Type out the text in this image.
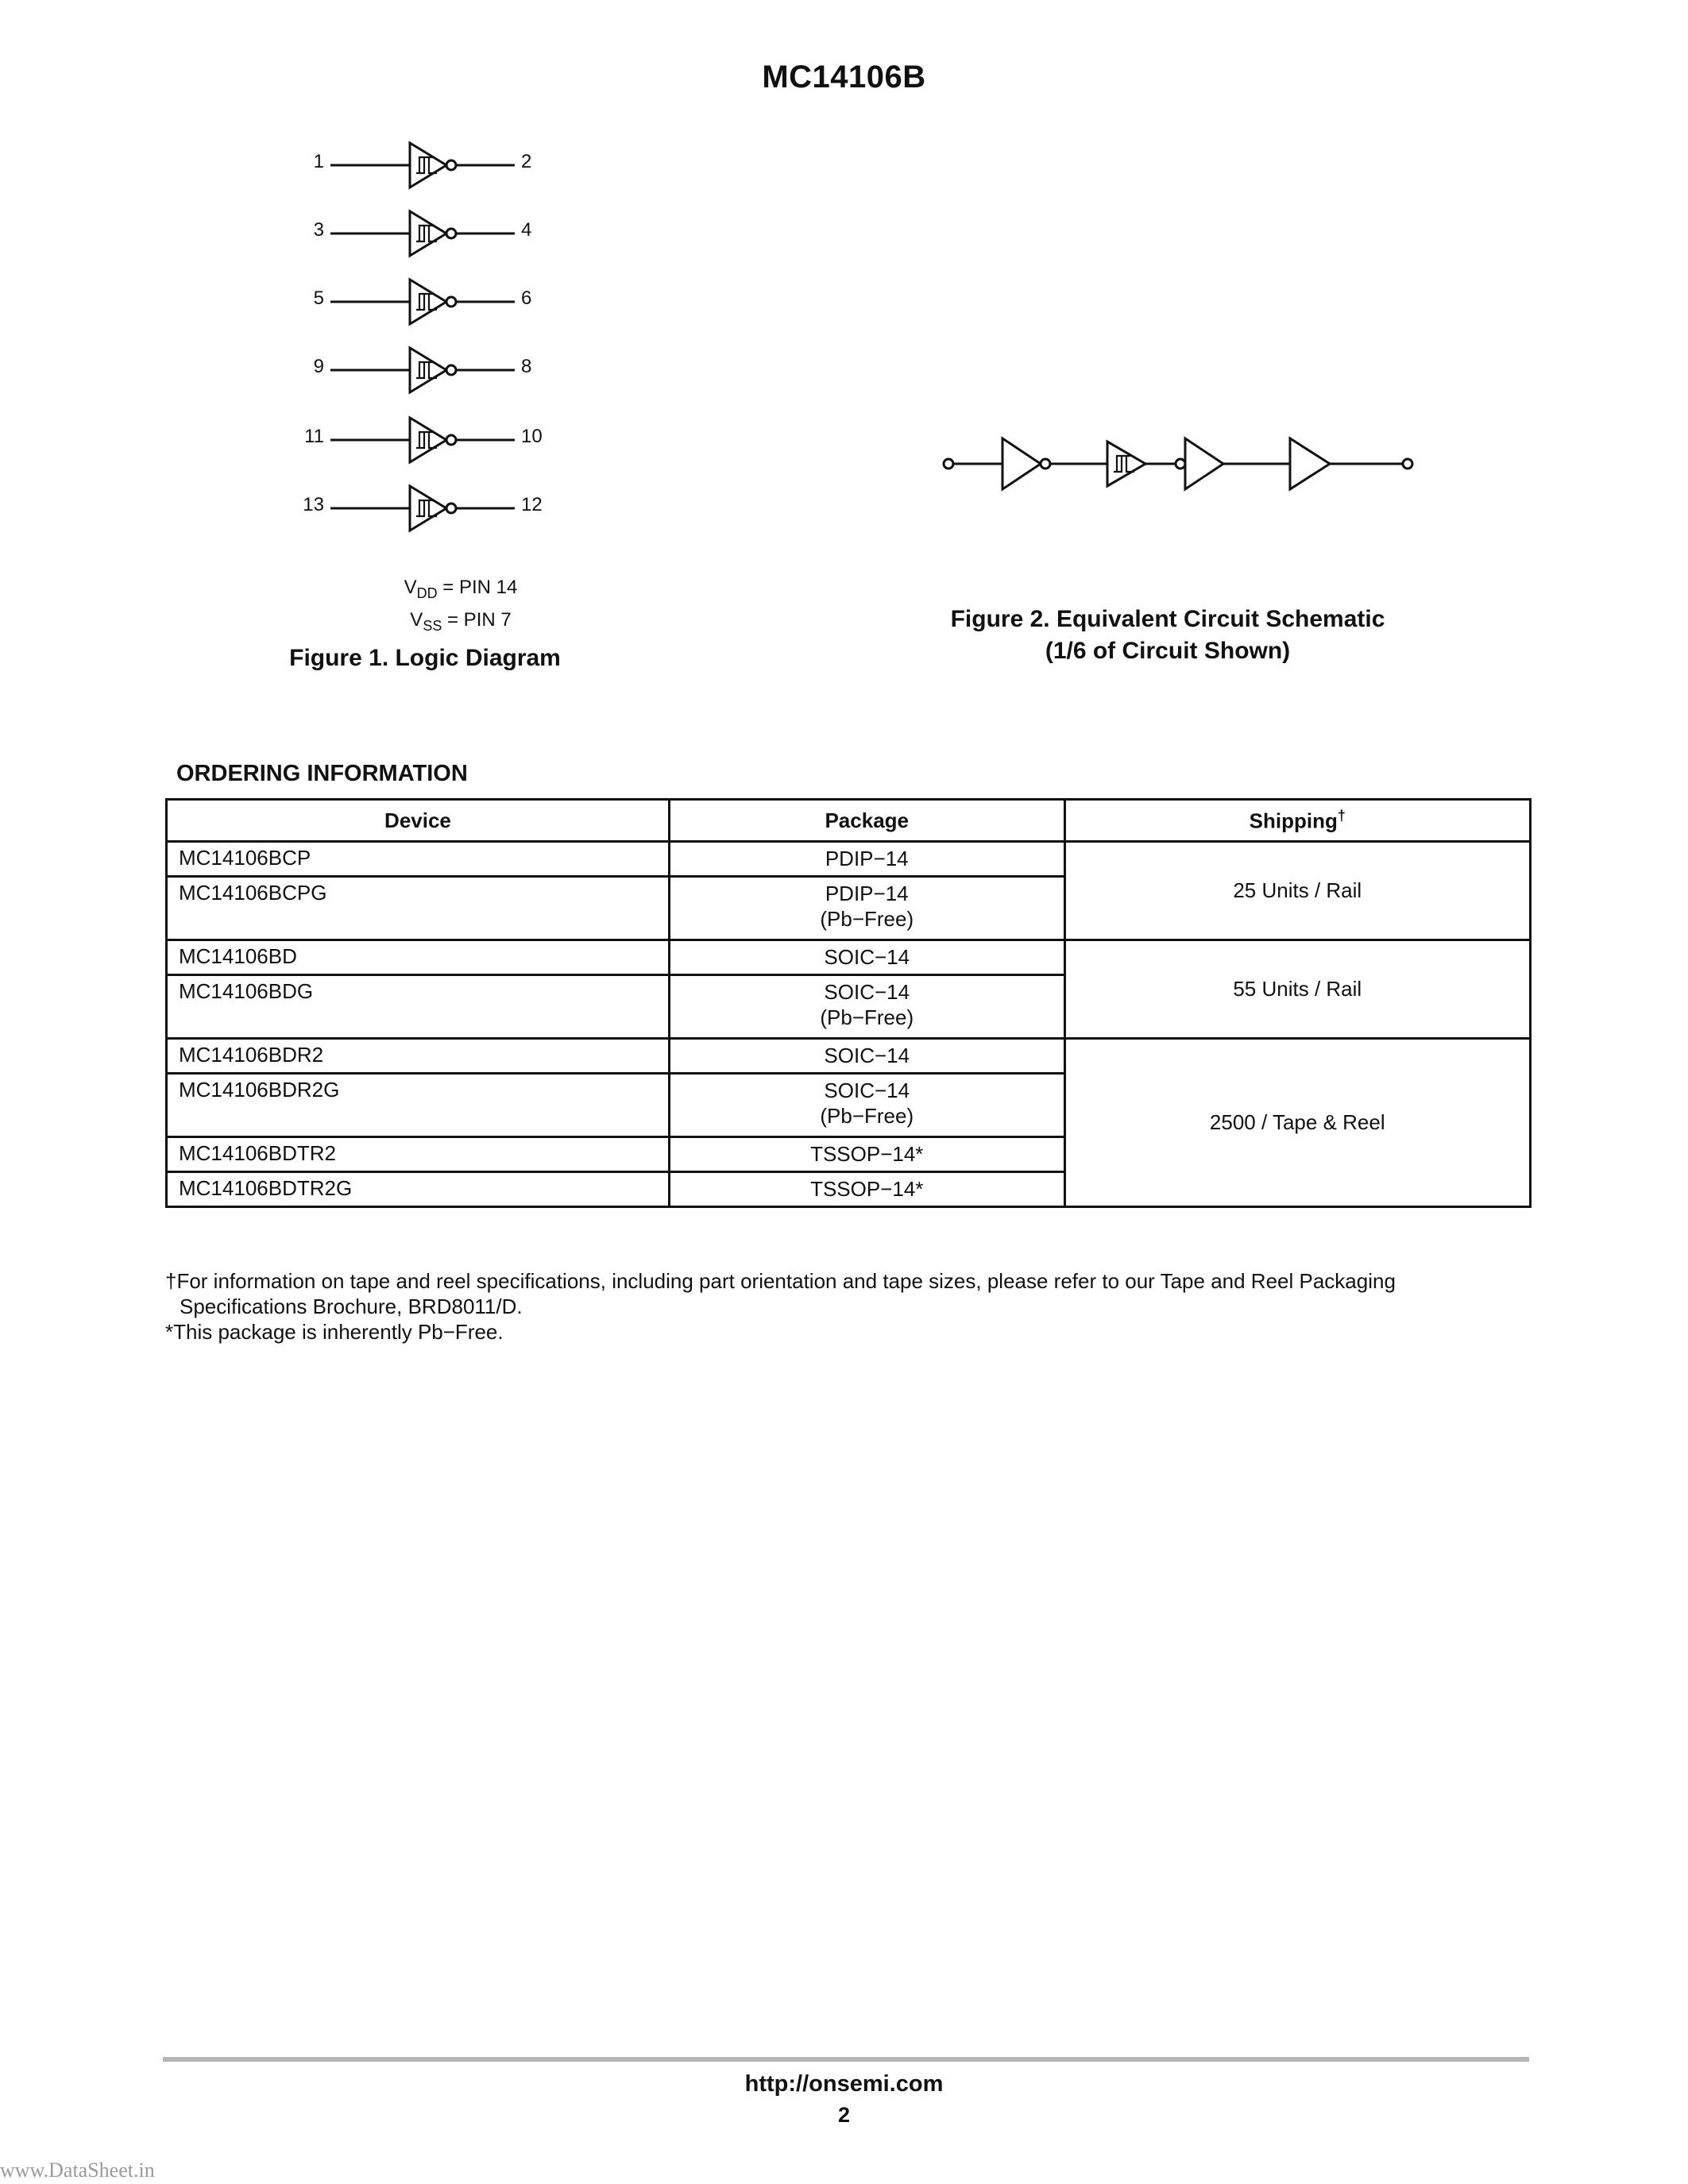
MC14106B
1	2
3	4
5	6
9	8
11	10
13	12
$V_{DD}$ = PIN 14
$V_{SS}$ = PIN 7
Figure 1. Logic Diagram
Figure 2. Equivalent Circuit Schematic
(1/6 of Circuit Shown)
ORDERING INFORMATION
Device	Package	Shipping†
MC14106BCP	PDIP−14	25 Units / Rail
MC14106BCPG	PDIP−14
(Pb−Free)	

MC14106BD	SOIC−14	55 Units / Rail
MC14106BDG	SOIC−14
(Pb−Free)	

MC14106BDR2	SOIC−14	2500 / Tape & Reel
MC14106BDR2G	SOIC−14
(Pb−Free)	

MC14106BDTR2	TSSOP−14*	

MC14106BDTR2G	TSSOP−14*	
†For information on tape and reel specifications, including part orientation and tape sizes, please refer to our Tape and Reel Packaging
Specifications Brochure, BRD8011/D.
*This package is inherently Pb−Free.
http://onsemi.com
2
www.DataSheet.in
